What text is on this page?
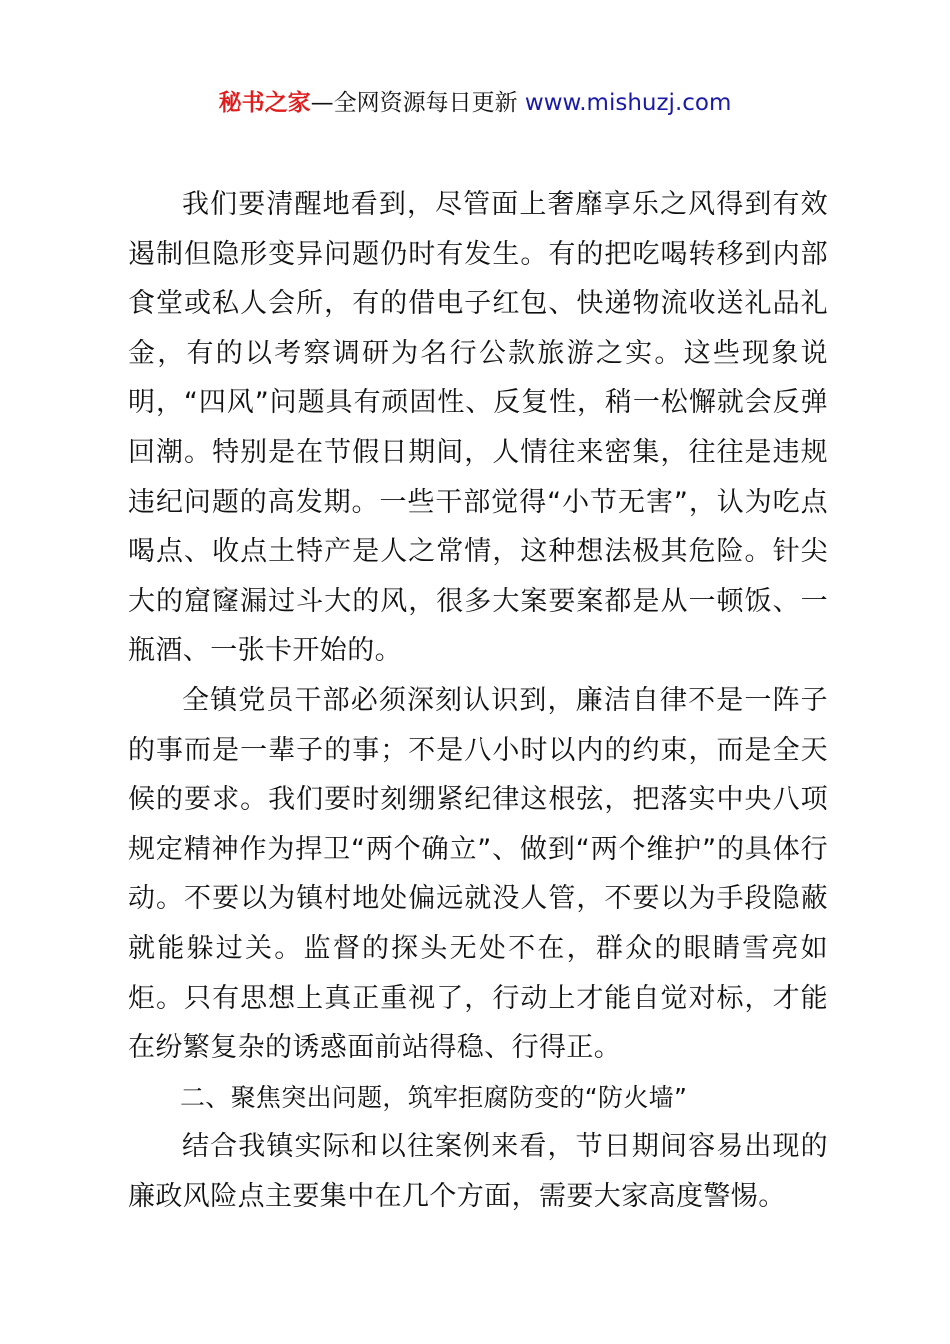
秘书之家—全网资源每日更新 www.mishuzj.com

我们要清醒地看到，尽管面上奢靡享乐之风得到有效遏制但隐形变异问题仍时有发生。有的把吃喝转移到内部食堂或私人会所，有的借电子红包、快递物流收送礼品礼金，有的以考察调研为名行公款旅游之实。这些现象说明，“四风”问题具有顽固性、反复性，稍一松懈就会反弹回潮。特别是在节假日期间，人情往来密集，往往是违规违纪问题的高发期。一些干部觉得“小节无害”，认为吃点喝点、收点土特产是人之常情，这种想法极其危险。针尖大的窟窿漏过斗大的风，很多大案要案都是从一顿饭、一瓶酒、一张卡开始的。

全镇党员干部必须深刻认识到，廉洁自律不是一阵子的事而是一辈子的事；不是八小时以内的约束，而是全天候的要求。我们要时刻绷紧纪律这根弦，把落实中央八项规定精神作为捍卫“两个确立”、做到“两个维护”的具体行动。不要以为镇村地处偏远就没人管，不要以为手段隐蔽就能躲过关。监督的探头无处不在，群众的眼睛雪亮如炬。只有思想上真正重视了，行动上才能自觉对标，才能在纷繁复杂的诱惑面前站得稳、行得正。

二、聚焦突出问题，筑牢拒腐防变的“防火墙”

结合我镇实际和以往案例来看，节日期间容易出现的廉政风险点主要集中在几个方面，需要大家高度警惕。
